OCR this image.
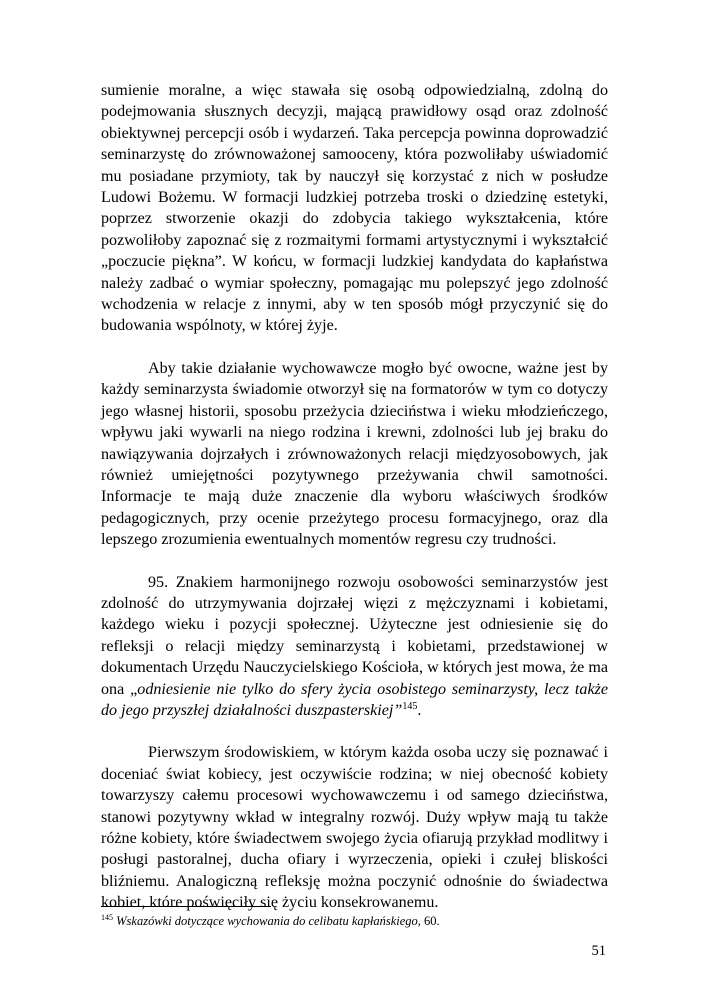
sumienie moralne, a więc stawała się osobą odpowiedzialną, zdolną do podejmowania słusznych decyzji, mającą prawidłowy osąd oraz zdolność obiektywnej percepcji osób i wydarzeń. Taka percepcja powinna doprowadzić seminarzystę do zrównoważonej samooceny, która pozwoliłaby uświadomić mu posiadane przymioty, tak by nauczył się korzystać z nich w posłudze Ludowi Bożemu. W formacji ludzkiej potrzeba troski o dziedzinę estetyki, poprzez stworzenie okazji do zdobycia takiego wykształcenia, które pozwoliłoby zapoznać się z rozmaitymi formami artystycznymi i wykształcić „poczucie piękna”. W końcu, w formacji ludzkiej kandydata do kapłaństwa należy zadbać o wymiar społeczny, pomagając mu polepszyć jego zdolność wchodzenia w relacje z innymi, aby w ten sposób mógł przyczynić się do budowania wspólnoty, w której żyje.

Aby takie działanie wychowawcze mogło być owocne, ważne jest by każdy seminarzysta świadomie otworzył się na formatorów w tym co dotyczy jego własnej historii, sposobu przeżycia dzieciństwa i wieku młodzieńczego, wpływu jaki wywarli na niego rodzina i krewni, zdolności lub jej braku do nawiązywania dojrzałych i zrównoważonych relacji międzyosobowych, jak również umiejętności pozytywnego przeżywania chwil samotności. Informacje te mają duże znaczenie dla wyboru właściwych środków pedagogicznych, przy ocenie przeżytego procesu formacyjnego, oraz dla lepszego zrozumienia ewentualnych momentów regresu czy trudności.

95. Znakiem harmonijnego rozwoju osobowości seminarzystów jest zdolność do utrzymywania dojrzałej więzi z mężczyznami i kobietami, każdego wieku i pozycji społecznej. Użyteczne jest odniesienie się do refleksji o relacji między seminarzystą i kobietami, przedstawionej w dokumentach Urzędu Nauczycielskiego Kościoła, w których jest mowa, że ma ona „odniesienie nie tylko do sfery życia osobistego seminarzysty, lecz także do jego przyszłej działalności duszpasterskiej”$^{145}$.

Pierwszym środowiskiem, w którym każda osoba uczy się poznawać i doceniać świat kobiecy, jest oczywiście rodzina; w niej obecność kobiety towarzyszy całemu procesowi wychowawczemu i od samego dzieciństwa, stanowi pozytywny wkład w integralny rozwój. Duży wpływ mają tu także różne kobiety, które świadectwem swojego życia ofiarują przykład modlitwy i posługi pastoralnej, ducha ofiary i wyrzeczenia, opieki i czułej bliskości bliźniemu. Analogiczną refleksję można poczynić odnośnie do świadectwa kobiet, które poświęciły się życiu konsekrowanemu.

$^{145}$ Wskazówki dotyczące wychowania do celibatu kapłańskiego, 60.
51
